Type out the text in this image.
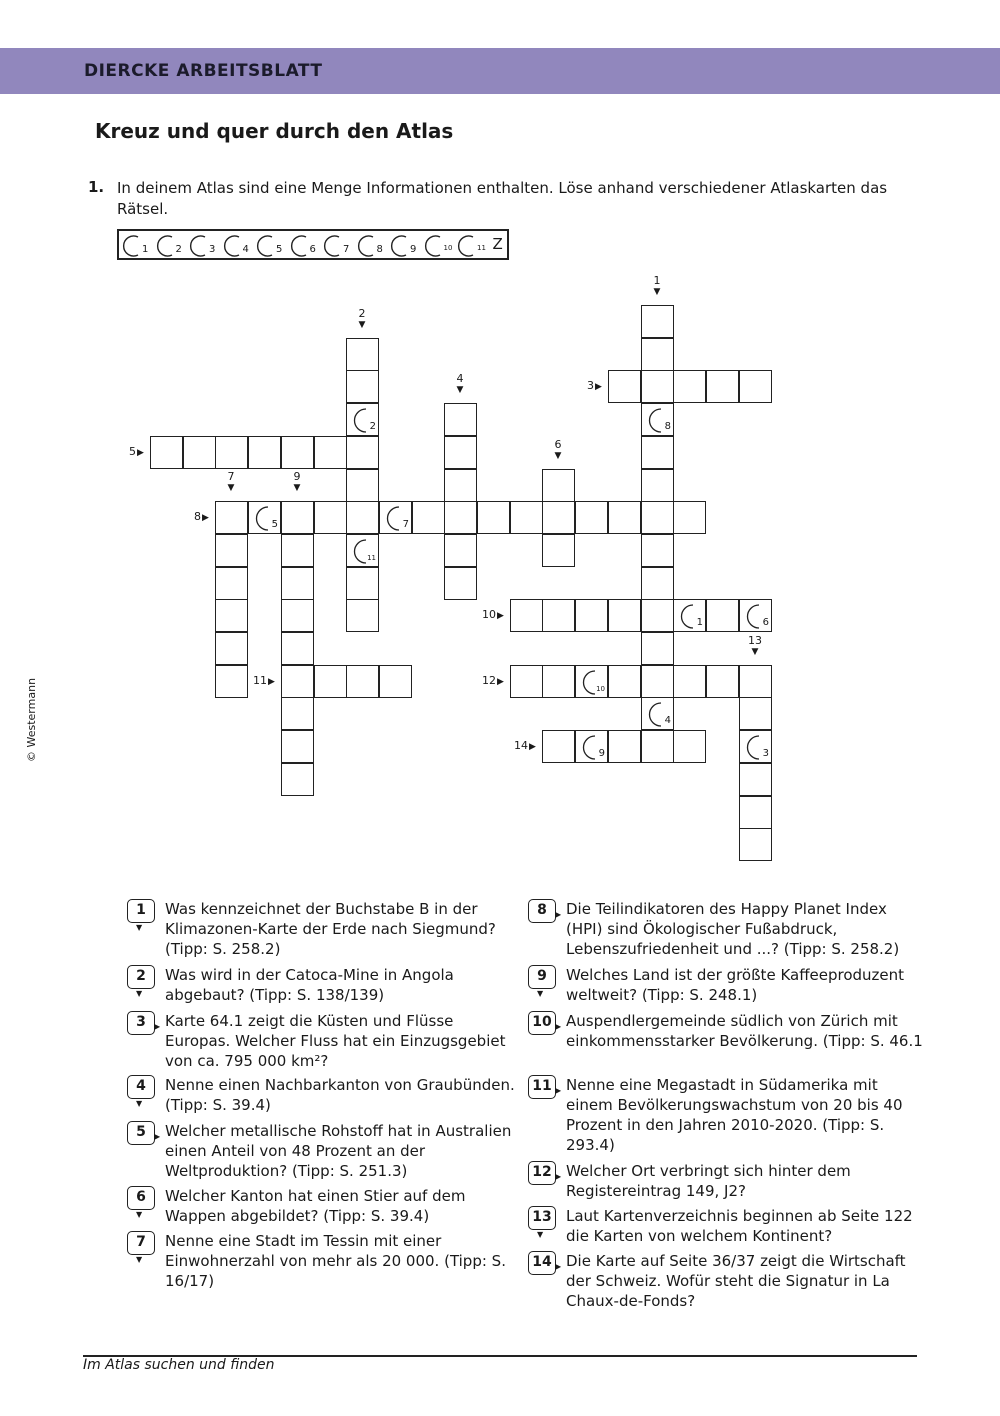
DIERCKE ARBEITSBLATT
Kreuz und quer durch den Atlas
1. In deinem Atlas sind eine Menge Informationen enthalten. Löse anhand verschiedener Atlaskarten das Rätsel.
1	2	3	4	5	6	7	8	9	10	11 Z
5	7
1	6
10
9
8
4
2
11
3
1
▼
2
▼
4
▼
6
▼
7
▼
9
▼
13
▼
3▶
5▶
8▶
10▶
11▶	12▶
14▶
© Westermann
1
▼
Was kennzeichnet der Buchstabe B in der Klimazonen-Karte der Erde nach Siegmund? (Tipp: S. 258.2)
2
▼
Was wird in der Catoca-Mine in Angola abgebaut? (Tipp: S. 138/139)
3	▶ Karte 64.1 zeigt die Küsten und Flüsse Europas. Welcher Fluss hat ein Einzugsgebiet von ca. 795 000 km²?
4
▼
Nenne einen Nachbarkanton von Graubünden. (Tipp: S. 39.4)
5	▶ Welcher metallische Rohstoff hat in Australien einen Anteil von 48 Prozent an der Weltproduktion? (Tipp: S. 251.3)
6
▼
Welcher Kanton hat einen Stier auf dem Wappen abgebildet? (Tipp: S. 39.4)
7
▼
Nenne eine Stadt im Tessin mit einer Einwohnerzahl von mehr als 20 000. (Tipp: S. 16/17)
8	▶ Die Teilindikatoren des Happy Planet Index (HPI) sind Ökologischer Fußabdruck, Lebenszufriedenheit und ...? (Tipp: S. 258.2)
9
▼
Welches Land ist der größte Kaffeeproduzent weltweit? (Tipp: S. 248.1)
10 ▶ Auspendlergemeinde südlich von Zürich mit einkommensstarker Bevölkerung. (Tipp: S. 46.1
11 ▶ Nenne eine Megastadt in Südamerika mit einem Bevölkerungswachstum von 20 bis 40 Prozent in den Jahren 2010-2020. (Tipp: S. 293.4)
12 ▶ Welcher Ort verbringt sich hinter dem Registereintrag 149, J2?
13
▼
Laut Kartenverzeichnis beginnen ab Seite 122 die Karten von welchem Kontinent?
14 ▶ Die Karte auf Seite 36/37 zeigt die Wirtschaft der Schweiz. Wofür steht die Signatur in La Chaux-de-Fonds?
Im Atlas suchen und finden
